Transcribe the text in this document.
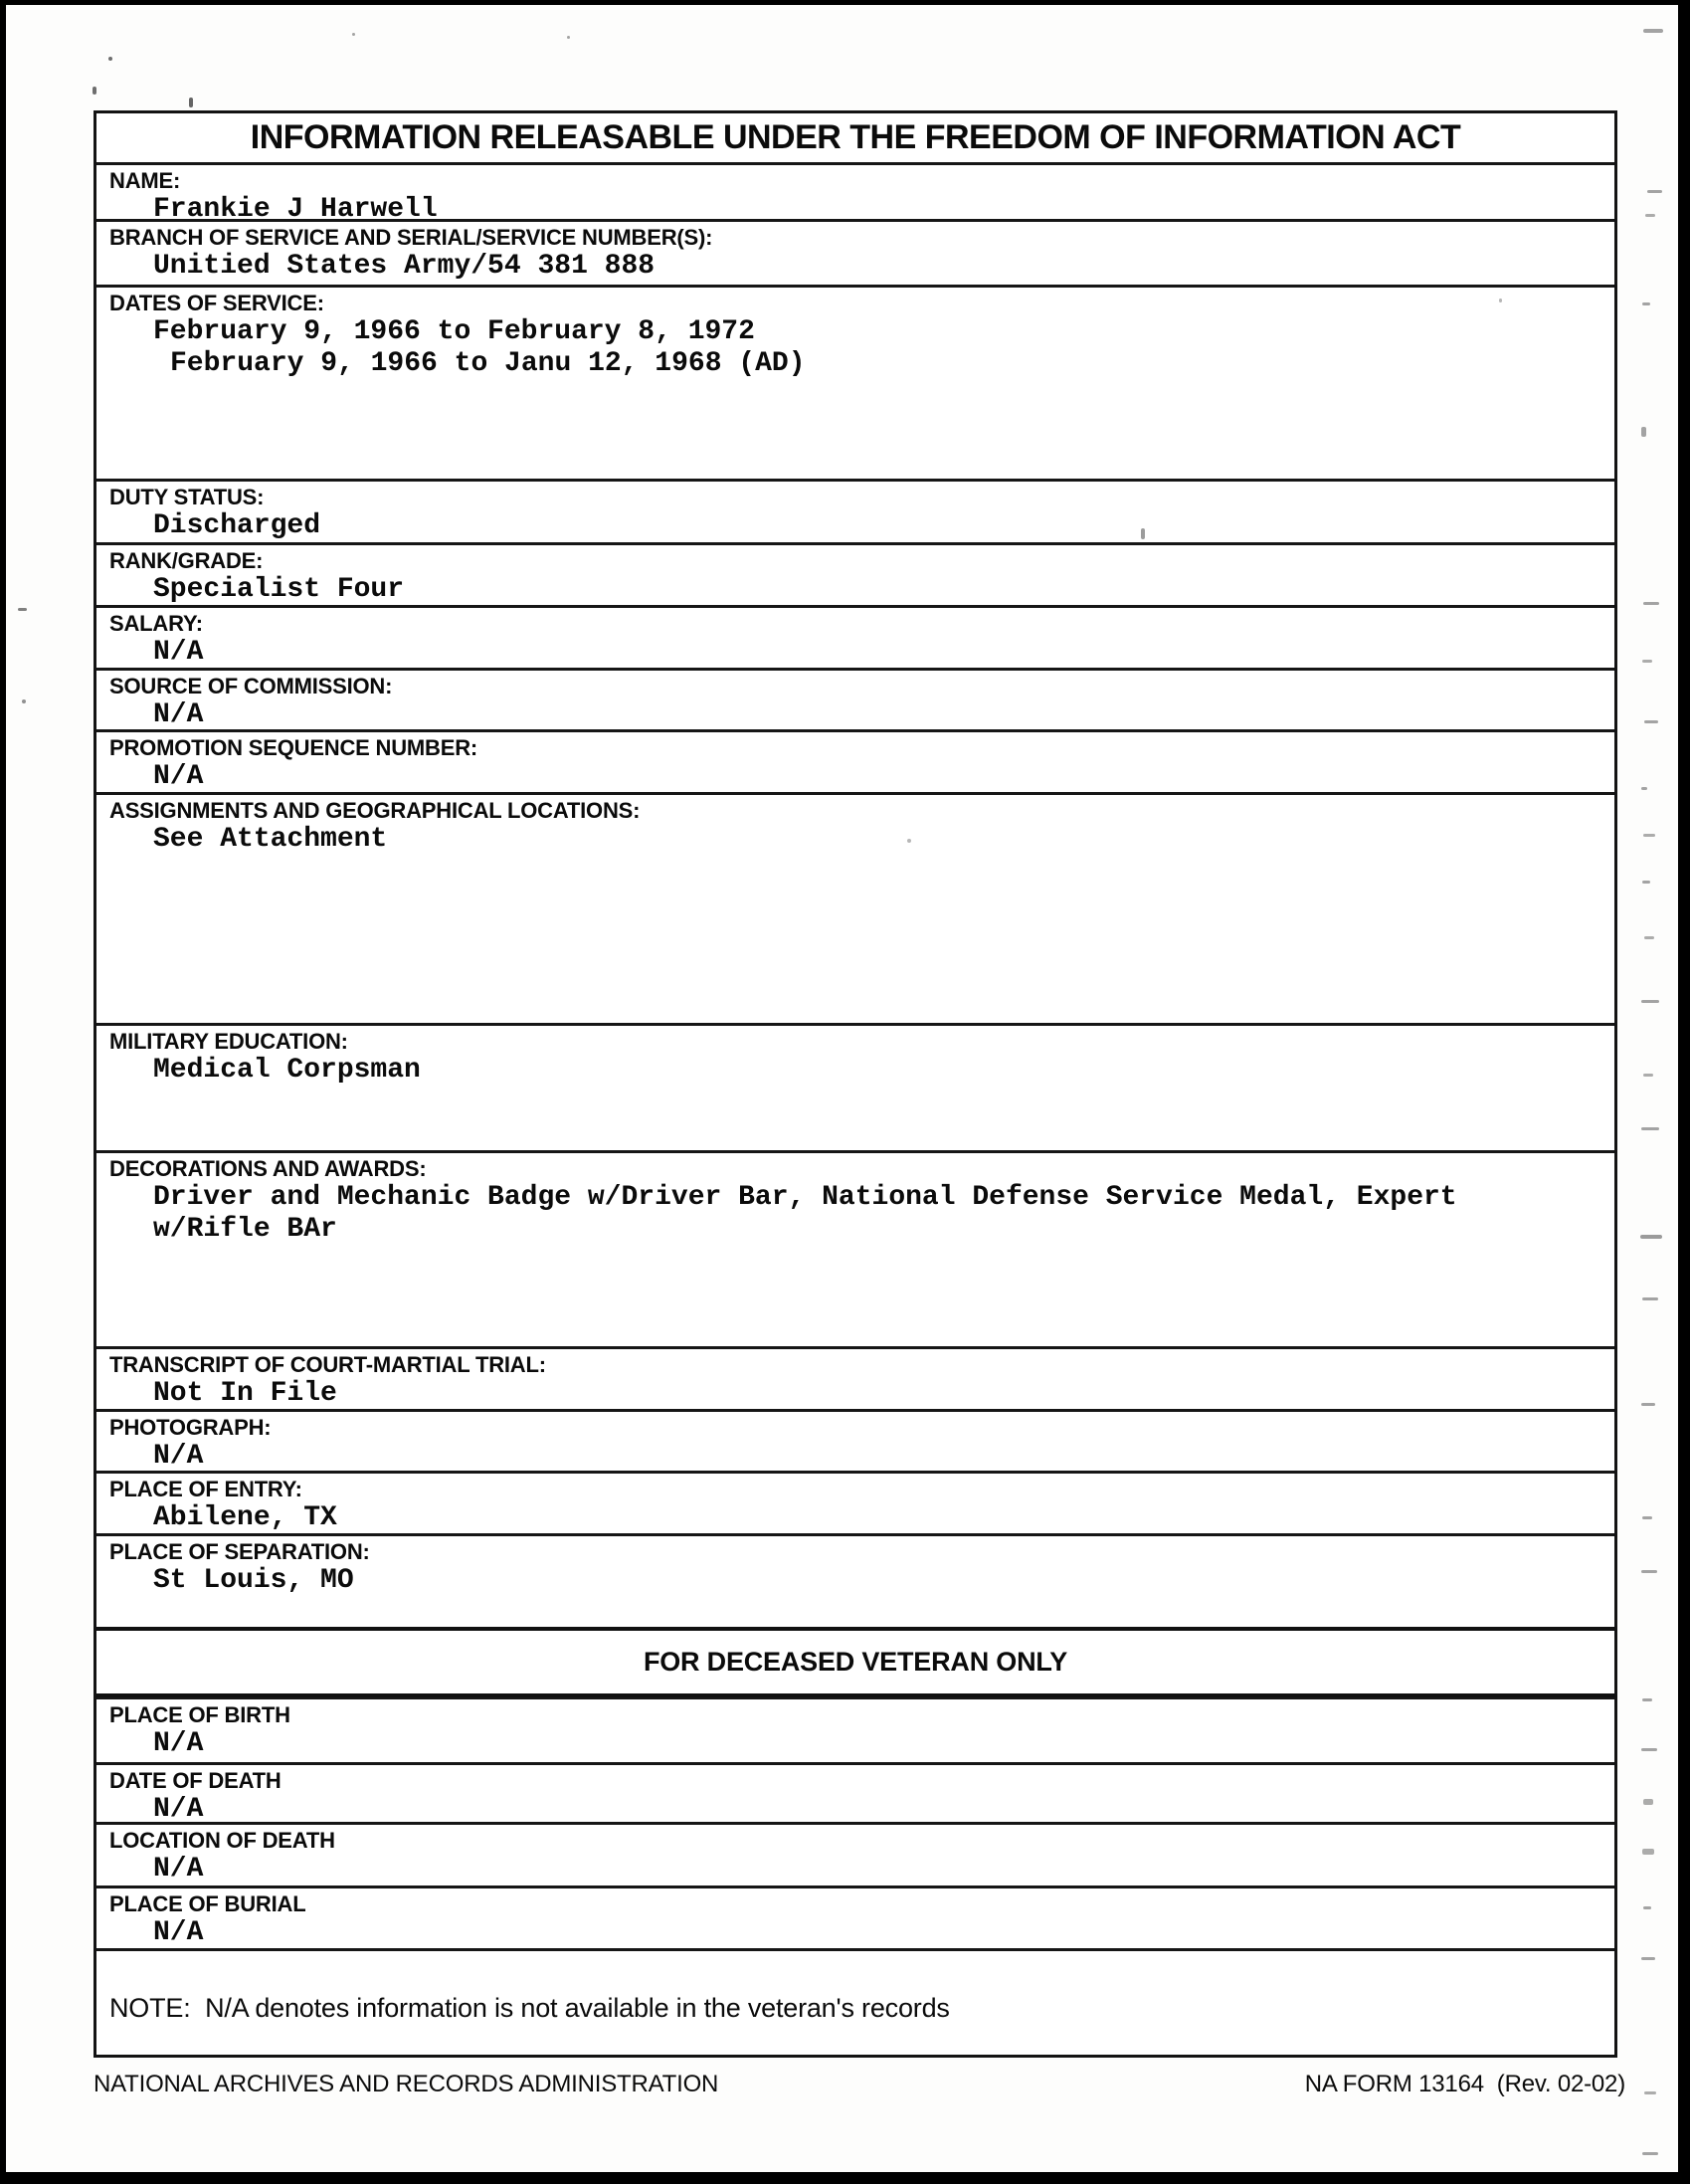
INFORMATION RELEASABLE UNDER THE FREEDOM OF INFORMATION ACT
NAME:
Frankie J Harwell
BRANCH OF SERVICE AND SERIAL/SERVICE NUMBER(S):
Unitied States Army/54 381 888
DATES OF SERVICE:
February 9, 1966 to February 8, 1972
February 9, 1966 to Janu 12, 1968 (AD)
DUTY STATUS:
Discharged
RANK/GRADE:
Specialist Four
SALARY:
N/A
SOURCE OF COMMISSION:
N/A
PROMOTION SEQUENCE NUMBER:
N/A
ASSIGNMENTS AND GEOGRAPHICAL LOCATIONS:
See Attachment
MILITARY EDUCATION:
Medical Corpsman
DECORATIONS AND AWARDS:
Driver and Mechanic Badge w/Driver Bar, National Defense Service Medal, Expert
w/Rifle BAr
TRANSCRIPT OF COURT-MARTIAL TRIAL:
Not In File
PHOTOGRAPH:
N/A
PLACE OF ENTRY:
Abilene, TX
PLACE OF SEPARATION:
St Louis, MO
FOR DECEASED VETERAN ONLY
PLACE OF BIRTH
N/A
DATE OF DEATH
N/A
LOCATION OF DEATH
N/A
PLACE OF BURIAL
N/A
NOTE:  N/A denotes information is not available in the veteran's records
NATIONAL ARCHIVES AND RECORDS ADMINISTRATION	NA FORM 13164  (Rev. 02-02)
